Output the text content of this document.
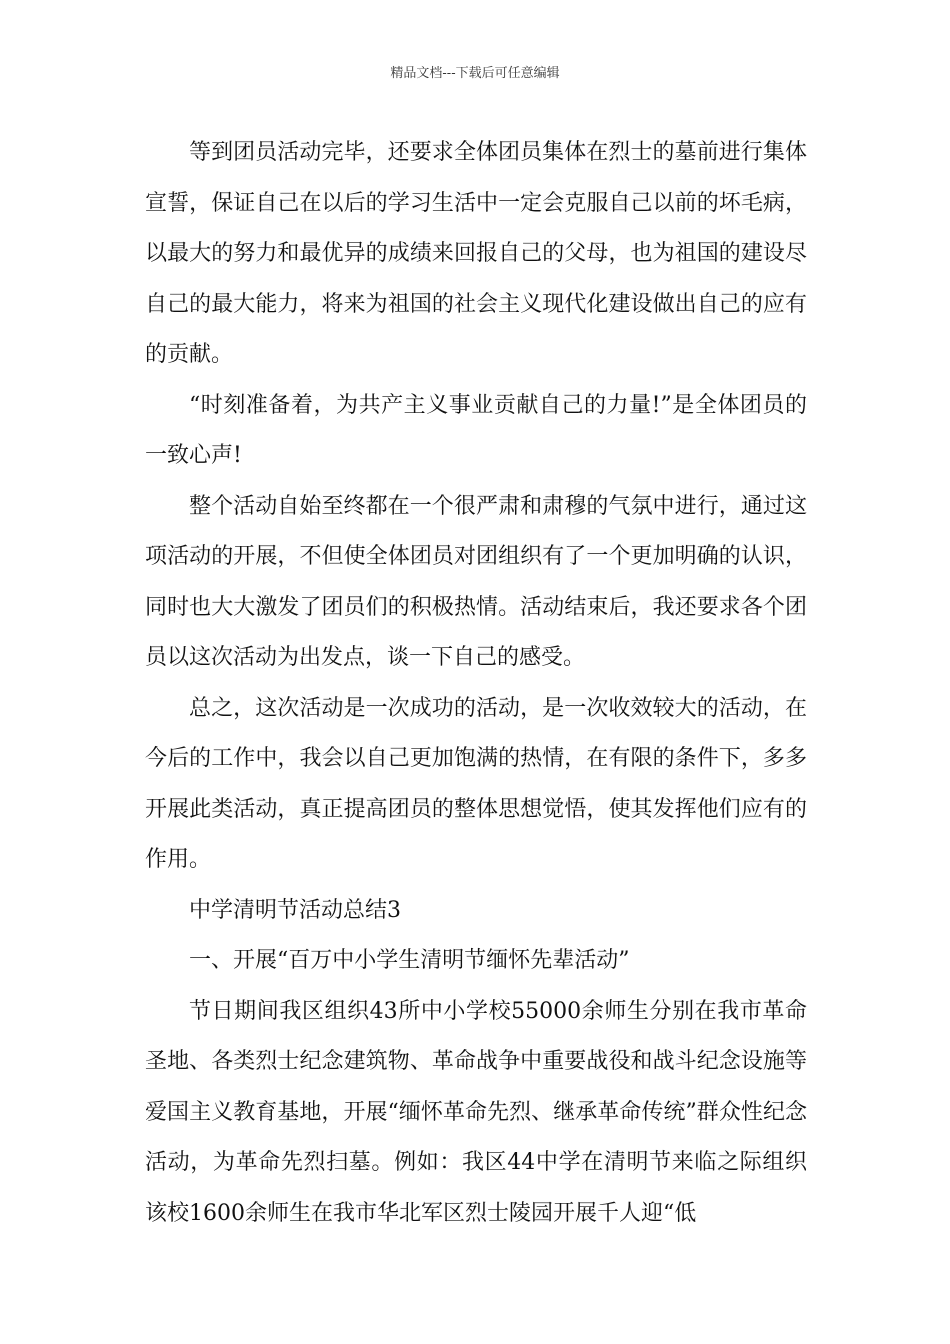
精品文档---下载后可任意编辑

等到团员活动完毕，还要求全体团员集体在烈士的墓前进行集体宣誓，保证自己在以后的学习生活中一定会克服自己以前的坏毛病，以最大的努力和最优异的成绩来回报自己的父母，也为祖国的建设尽自己的最大能力，将来为祖国的社会主义现代化建设做出自己的应有的贡献。

“时刻准备着，为共产主义事业贡献自己的力量!”是全体团员的一致心声!

整个活动自始至终都在一个很严肃和肃穆的气氛中进行，通过这项活动的开展，不但使全体团员对团组织有了一个更加明确的认识，同时也大大激发了团员们的积极热情。活动结束后，我还要求各个团员以这次活动为出发点，谈一下自己的感受。

总之，这次活动是一次成功的活动，是一次收效较大的活动，在今后的工作中，我会以自己更加饱满的热情，在有限的条件下，多多开展此类活动，真正提高团员的整体思想觉悟，使其发挥他们应有的作用。

中学清明节活动总结3

一、开展“百万中小学生清明节缅怀先辈活动”

节日期间我区组织43所中小学校55000余师生分别在我市革命圣地、各类烈士纪念建筑物、革命战争中重要战役和战斗纪念设施等爱国主义教育基地，开展“缅怀革命先烈、继承革命传统”群众性纪念活动，为革命先烈扫墓。例如：我区44中学在清明节来临之际组织该校1600余师生在我市华北军区烈士陵园开展千人迎“低
